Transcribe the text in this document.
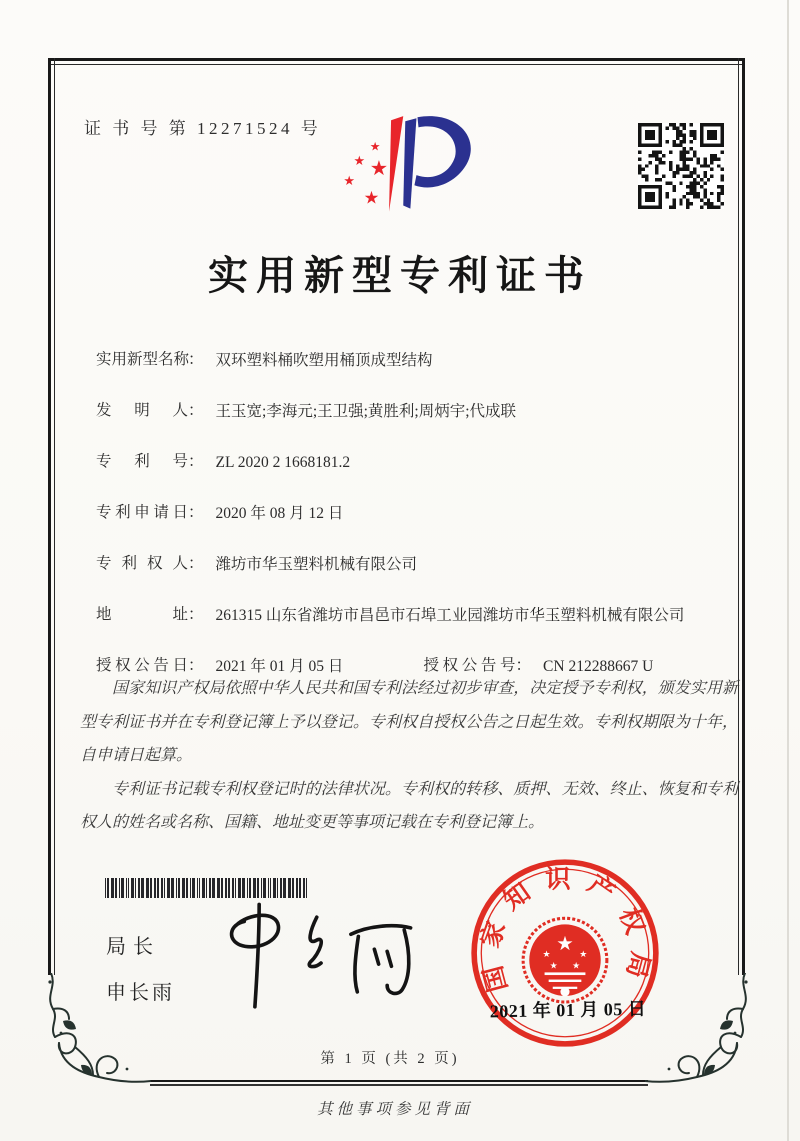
证 书 号 第 12271524 号
★
★ ★
★
★
实用新型专利证书
实用新型名称
： 双环塑料桶吹塑用桶顶成型结构
发明人 ： 王玉宽;李海元;王卫强;黄胜利;周炳宇;代成联
专利号 ： ZL 2020 2 1668181.2
专利申请日 ： 2020 年 08 月 12 日
专利权人 ： 潍坊市华玉塑料机械有限公司
地址 ： 261315 山东省潍坊市昌邑市石埠工业园潍坊市华玉塑料机械有限公司
授权公告日 ： 2021 年 01 月 05 日	授权公告号 ： CN 212288667 U

国家知识产权局依照中华人民共和国专利法经过初步审查，决定授予专利权，颁发实用新型专利证书并在专利登记簿上予以登记。专利权自授权公告之日起生效。专利权期限为十年，自申请日起算。

专利证书记载专利权登记时的法律状况。专利权的转移、质押、无效、终止、恢复和专利权人的姓名或名称、国籍、地址变更等事项记载在专利登记簿上。

局长
申长雨	国家知识产权局
★
★	★
★ ★
2021 年 01 月 05 日
第 1 页 (共 2 页)
其他事项参见背面
